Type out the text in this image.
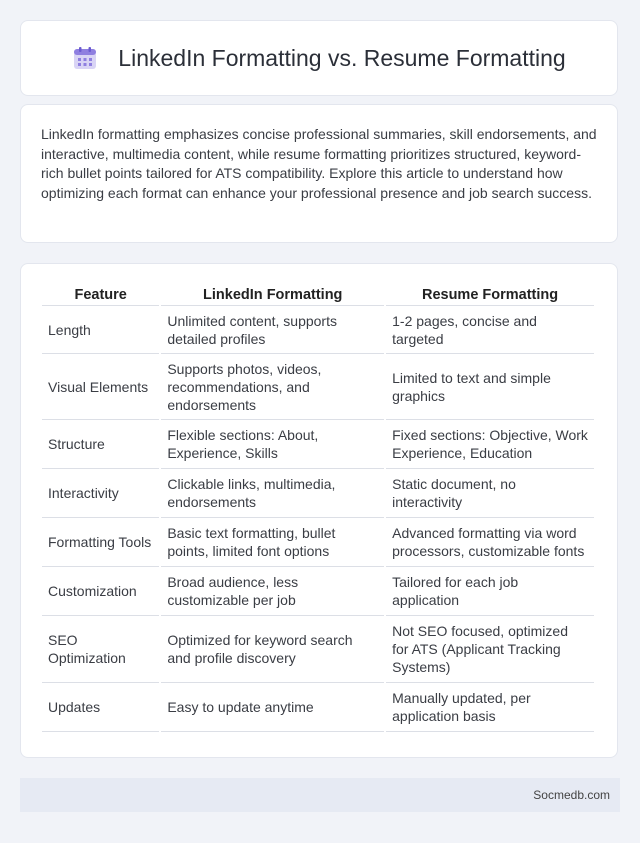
LinkedIn Formatting vs. Resume Formatting

LinkedIn formatting emphasizes concise professional summaries, skill endorsements, and interactive, multimedia content, while resume formatting prioritizes structured, keyword-rich bullet points tailored for ATS compatibility. Explore this article to understand how optimizing each format can enhance your professional presence and job search success.

Feature	LinkedIn Formatting	Resume Formatting
Length	Unlimited content, supports detailed profiles	1-2 pages, concise and targeted
Visual Elements	Supports photos, videos, recommendations, and endorsements	Limited to text and simple graphics
Structure	Flexible sections: About, Experience, Skills	Fixed sections: Objective, Work Experience, Education
Interactivity	Clickable links, multimedia, endorsements	Static document, no interactivity
Formatting Tools	Basic text formatting, bullet points, limited font options	Advanced formatting via word processors, customizable fonts
Customization	Broad audience, less customizable per job	Tailored for each job application
SEO Optimization	Optimized for keyword search and profile discovery	Not SEO focused, optimized for ATS (Applicant Tracking Systems)
Updates	Easy to update anytime	Manually updated, per application basis
Socmedb.com
